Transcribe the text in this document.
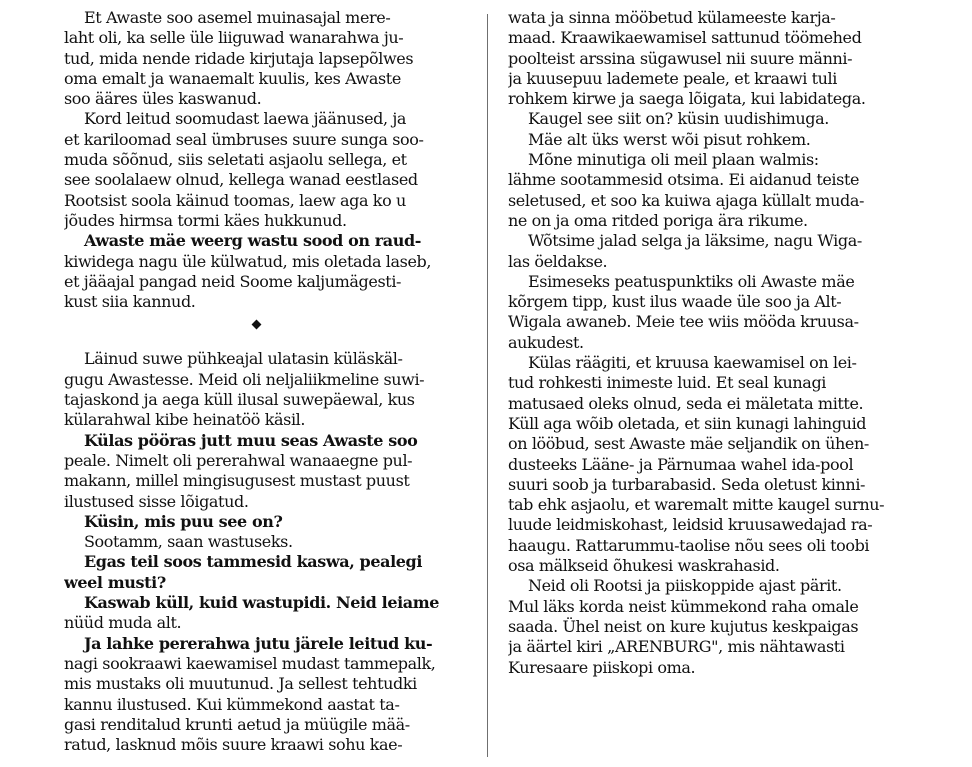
Et Awaste soo asemel muinasajal mere-
laht oli, ka selle üle liiguwad wanarahwa ju-
tud, mida nende ridade kirjutaja lapsepõlwes
oma emalt ja wanaemalt kuulis, kes Awaste
soo ääres üles kaswanud.
Kord leitud soomudast laewa jäänused, ja
et kariloomad seal ümbruses suure sunga soo-
muda sõõnud, siis seletati asjaolu sellega, et
see soolalaew olnud, kellega wanad eestlased
Rootsist soola käinud toomas, laew aga ko u
jõudes hirmsa tormi käes hukkunud.
Awaste mäe weerg wastu sood on raud-
kiwidega nagu üle külwatud, mis oletada laseb,
et jääajal pangad neid Soome kaljumägesti-
kust siia kannud.
Läinud suwe pühkeajal ulatasin küläskäl-
gugu Awastesse. Meid oli neljaliikmeline suwi-
tajaskond ja aega küll ilusal suwepäewal, kus
külarahwal kibe heinatöö käsil.
Külas pööras jutt muu seas Awaste soo
peale. Nimelt oli pererahwal wanaaegne pul-
makann, millel mingisugusest mustast puust
ilustused sisse lõigatud.
Küsin, mis puu see on?
Sootamm, saan wastuseks.
Egas teil soos tammesid kaswa, pealegi
weel musti?
Kaswab küll, kuid wastupidi. Neid leiame
nüüd muda alt.
Ja lahke pererahwa jutu järele leitud ku-
nagi sookraawi kaewamisel mudast tammepalk,
mis mustaks oli muutunud. Ja sellest tehtudki
kannu ilustused. Kui kümmekond aastat ta-
gasi renditalud krunti aetud ja müügile mää-
ratud, lasknud mõis suure kraawi sohu kae-
wata ja sinna mööbetud külameeste karja-
maad. Kraawikaewamisel sattunud töömehed
poolteist arssina sügawusel nii suure männi-
ja kuusepuu lademete peale, et kraawi tuli
rohkem kirwe ja saega lõigata, kui labidatega.
Kaugel see siit on? küsin uudishimuga.
Mäe alt üks werst wõi pisut rohkem.
Mõne minutiga oli meil plaan walmis:
lähme sootammesid otsima. Ei aidanud teiste
seletused, et soo ka kuiwa ajaga küllalt muda-
ne on ja oma ritded poriga ära rikume.
Wõtsime jalad selga ja läksime, nagu Wiga-
las öeldakse.
Esimeseks peatuspunktiks oli Awaste mäe
kõrgem tipp, kust ilus waade üle soo ja Alt-
Wigala awaneb. Meie tee wiis mööda kruusa-
aukudest.
Külas räägiti, et kruusa kaewamisel on lei-
tud rohkesti inimeste luid. Et seal kunagi
matusaed oleks olnud, seda ei mäletata mitte.
Küll aga wõib oletada, et siin kunagi lahinguid
on lööbud, sest Awaste mäe seljandik on ühen-
dusteeks Lääne- ja Pärnumaa wahel ida-pool
suuri soob ja turbarabasid. Seda oletust kinni-
tab ehk asjaolu, et waremalt mitte kaugel surnu-
luude leidmiskohast, leidsid kruusawedajad ra-
haaugu. Rattarummu-taolise nõu sees oli toobi
osa mälkseid õhukesi waskrahasid.
Neid oli Rootsi ja piiskoppide ajast pärit.
Mul läks korda neist kümmekond raha omale
saada. Ühel neist on kure kujutus keskpaigas
ja äärtel kiri „ARENBURG", mis nähtawasti
Kuresaare piiskopi oma.
